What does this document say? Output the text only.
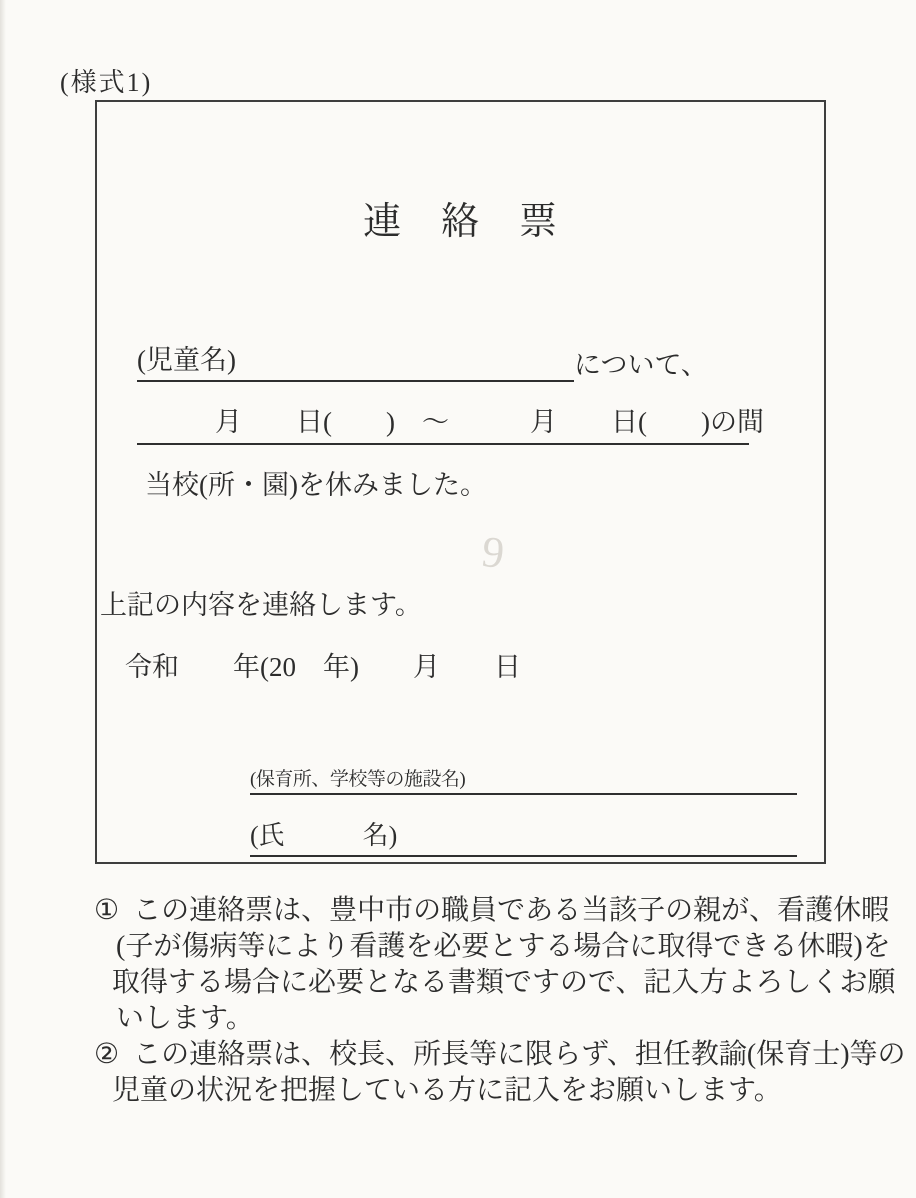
(様式1)

連　絡　票

(児童名)	について、

月　　日(　　)　～　　　月　　日(　　)の間

当校(所・園)を休みました。

9

上記の内容を連絡します。

令和　　年(20　年)　　月　　日

(保育所、学校等の施設名)

(氏　　　名)

① この連絡票は、豊中市の職員である当該子の親が、看護休暇
(子が傷病等により看護を必要とする場合に取得できる休暇)を
取得する場合に必要となる書類ですので、記入方よろしくお願
いします。
② この連絡票は、校長、所長等に限らず、担任教諭(保育士)等の
児童の状況を把握している方に記入をお願いします。
